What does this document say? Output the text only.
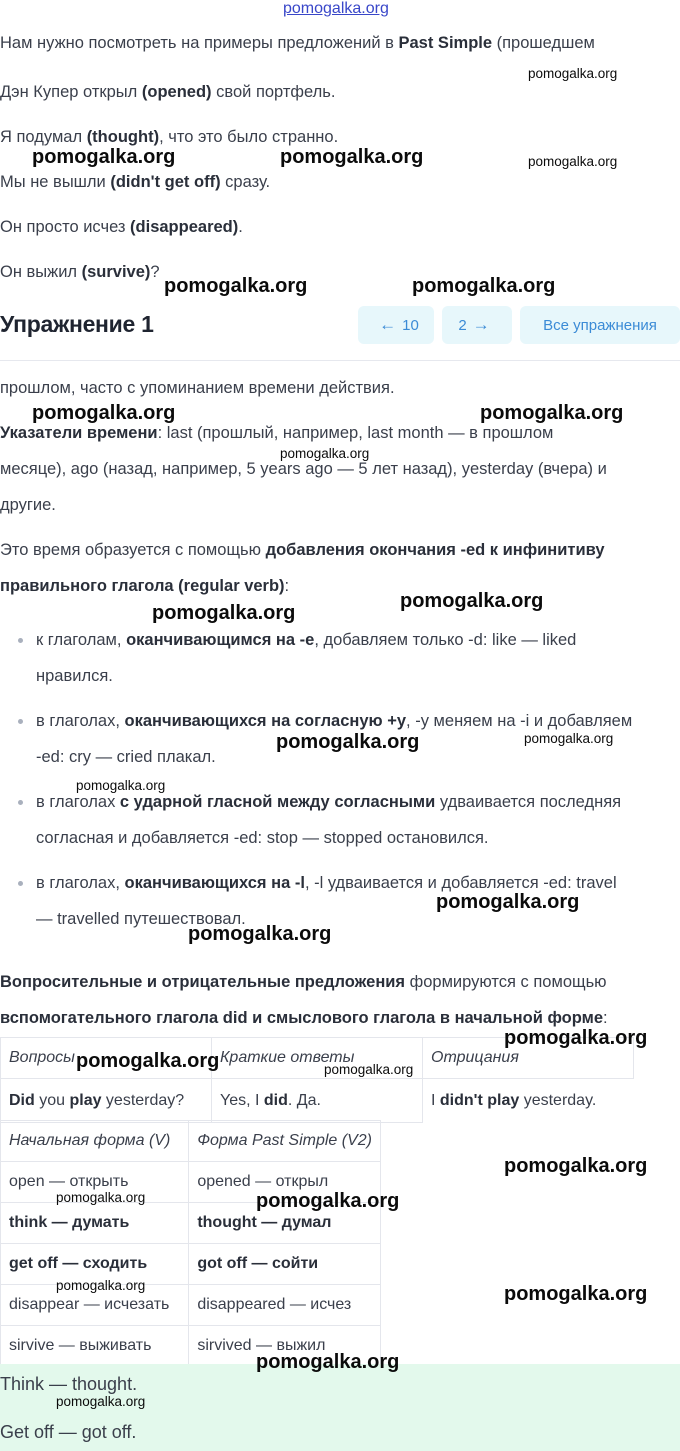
pomogalka.org
Нам нужно посмотреть на примеры предложений в Past Simple (прошедшем
Дэн Купер открыл (opened) свой портфель.
Я подумал (thought), что это было странно.
Мы не вышли (didn't get off) сразу.
Он просто исчез (disappeared).
Он выжил (survive)?
Упражнение 1	← 10	2 →	Все упражнения
прошлом, часто с упоминанием времени действия.
Указатели времени: last (прошлый, например, last month — в прошлом
месяце), ago (назад, например, 5 years ago — 5 лет назад), yesterday (вчера) и
другие.
Это время образуется с помощью добавления окончания -ed к инфинитиву
правильного глагола (regular verb):
к глаголам, оканчивающимся на -e, добавляем только -d: like — liked
нравился.
в глаголах, оканчивающихся на согласную +y, -y меняем на -i и добавляем
-ed: cry — cried плакал.
в глаголах с ударной гласной между согласными удваивается последняя
согласная и добавляется -ed: stop — stopped остановился.
в глаголах, оканчивающихся на -l, -l удваивается и добавляется -ed: travel
— travelled путешествовал.
Вопросительные и отрицательные предложения формируются с помощью
вспомогательного глагола did и смыслового глагола в начальной форме:
Вопросы	Краткие ответы	Отрицания
Did you play yesterday?	Yes, I did. Да.	I didn't play yesterday.
Начальная форма (V)	Форма Past Simple (V2)
open — открыть	opened — открыл
think — думать	thought — думал
get off — сходить	got off — сойти
disappear — исчезать	disappeared — исчез
sirvive — выживать	sirvived — выжил
Think — thought.
Get off — got off.
pomogalka.org
pomogalka.org	pomogalka.org	pomogalka.org
pomogalka.org	pomogalka.org
pomogalka.org	pomogalka.org
pomogalka.org
pomogalka.org
pomogalka.org
pomogalka.org	pomogalka.org
pomogalka.org
pomogalka.org
pomogalka.org
pomogalka.org
pomogalka.org	pomogalka.org
pomogalka.org
pomogalka.org	pomogalka.org
pomogalka.org	pomogalka.org
pomogalka.org
pomogalka.org
